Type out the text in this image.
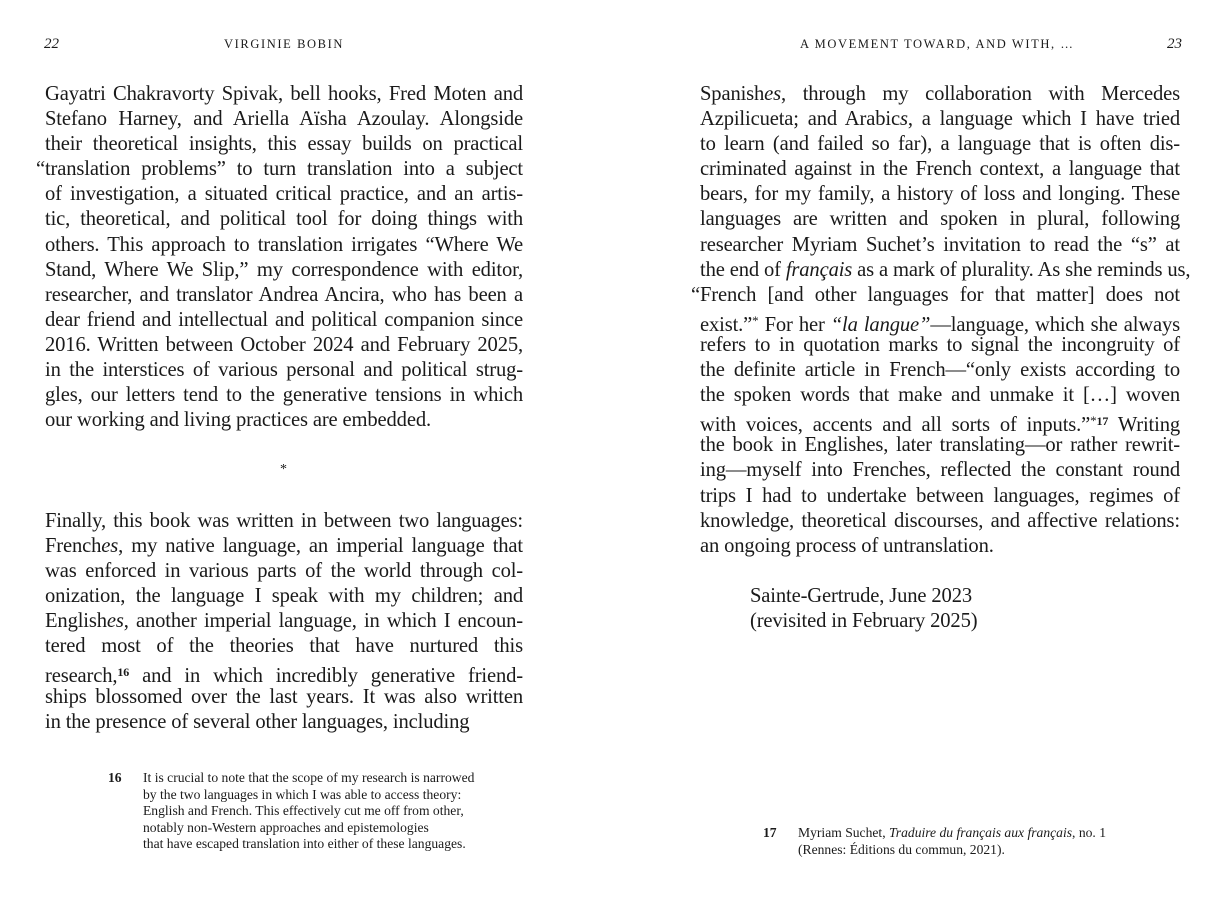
22	VIRGINIE BOBIN
Gayatri Chakravorty Spivak, bell hooks, Fred Moten and
Stefano Harney, and Ariella Aïsha Azoulay. Alongside
their theoretical insights, this essay builds on practical
“translation problems” to turn translation into a subject
of investigation, a situated critical practice, and an artis-
tic, theoretical, and political tool for doing things with
others. This approach to translation irrigates “Where We
Stand, Where We Slip,” my correspondence with editor,
researcher, and translator Andrea Ancira, who has been a
dear friend and intellectual and political companion since
2016. Written between October 2024 and February 2025,
in the interstices of various personal and political strug-
gles, our letters tend to the generative tensions in which
our working and living practices are embedded.
*
Finally, this book was written in between two languages:
Frenches, my native language, an imperial language that
was enforced in various parts of the world through col-
onization, the language I speak with my children; and
Englishes, another imperial language, in which I encoun-
tered most of the theories that have nurtured this
research,$^{16}$ and in which incredibly generative friend-
ships blossomed over the last years. It was also written
in the presence of several other languages, including
16 It is crucial to note that the scope of my research is narrowed
by the two languages in which I was able to access theory:
English and French. This effectively cut me off from other,
notably non-Western approaches and epistemologies
that have escaped translation into either of these languages.
A MOVEMENT TOWARD, AND WITH, …	23
Spanishes, through my collaboration with Mercedes
Azpilicueta; and Arabics, a language which I have tried
to learn (and failed so far), a language that is often dis-
criminated against in the French context, a language that
bears, for my family, a history of loss and longing. These
languages are written and spoken in plural, following
researcher Myriam Suchet’s invitation to read the “s” at
the end of français as a mark of plurality. As she reminds us,
“French [and other languages for that matter] does not
exist.”* For her “la langue”—language, which she always
refers to in quotation marks to signal the incongruity of
the definite article in French—“only exists according to
the spoken words that make and unmake it […] woven
with voices, accents and all sorts of inputs.”$^{*17}$ Writing
the book in Englishes, later translating—or rather rewrit-
ing—myself into Frenches, reflected the constant round
trips I had to undertake between languages, regimes of
knowledge, theoretical discourses, and affective relations:
an ongoing process of untranslation.
Sainte-Gertrude, June 2023
(revisited in February 2025)
17 Myriam Suchet, Traduire du français aux français, no. 1
(Rennes: Éditions du commun, 2021).
